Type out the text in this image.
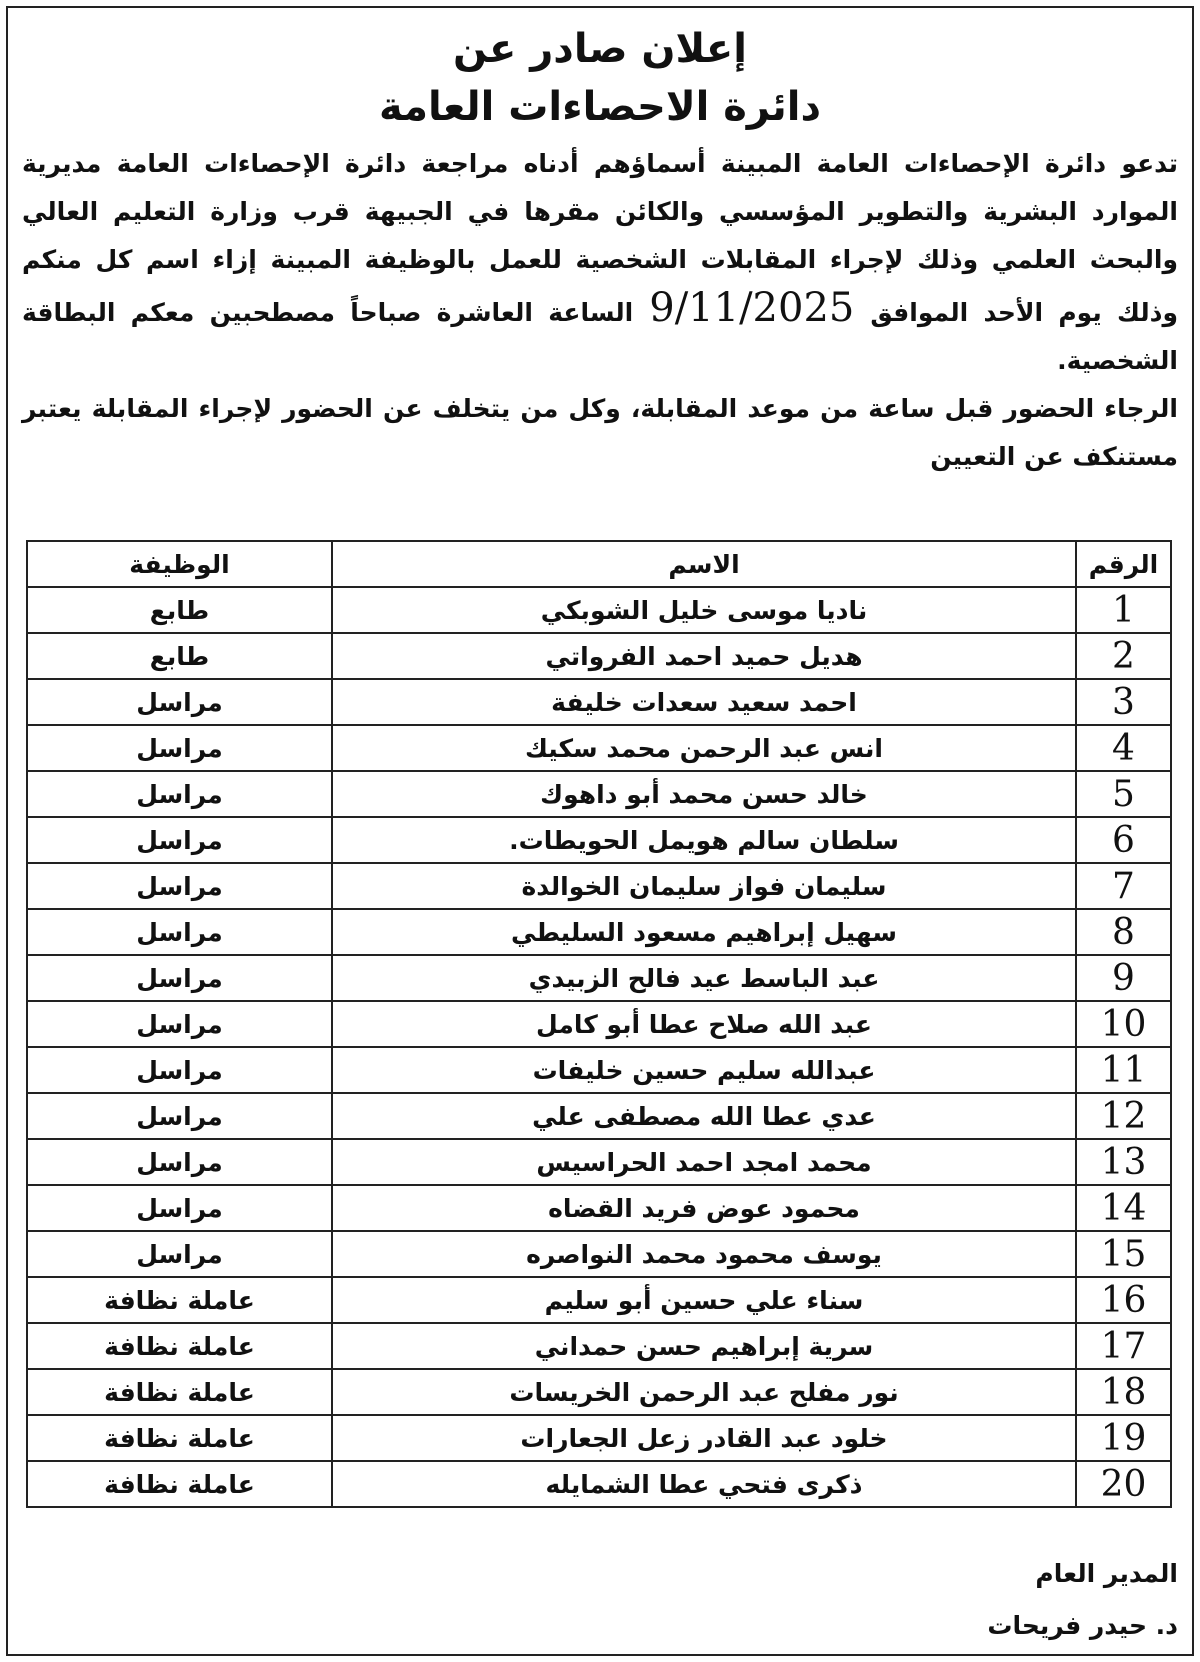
إعلان صادر عن
دائرة الاحصاءات العامة

تدعو دائرة الإحصاءات العامة المبينة أسماؤهم أدناه مراجعة دائرة الإحصاءات العامة مديرية الموارد البشرية والتطوير المؤسسي والكائن مقرها في الجبيهة قرب وزارة التعليم العالي والبحث العلمي وذلك لإجراء المقابلات الشخصية للعمل بالوظيفة المبينة إزاء اسم كل منكم وذلك يوم الأحد الموافق9/11/2025الساعة العاشرة صباحاً مصطحبين معكم البطاقة الشخصية.

الرجاء الحضور قبل ساعة من موعد المقابلة، وكل من يتخلف عن الحضور لإجراء المقابلة يعتبر مستنكف عن التعيين

الرقم	الاسم	الوظيفة
1	ناديا موسى خليل الشوبكي	طابع
2	هديل حميد احمد الفرواتي	طابع
3	احمد سعيد سعدات خليفة	مراسل
4	انس عبد الرحمن محمد سكيك	مراسل
5	خالد حسن محمد أبو داهوك	مراسل
6	سلطان سالم هويمل الحويطات.	مراسل
7	سليمان فواز سليمان الخوالدة	مراسل
8	سهيل إبراهيم مسعود السليطي	مراسل
9	عبد الباسط عيد فالح الزبيدي	مراسل
10	عبد الله صلاح عطا أبو كامل	مراسل
11	عبدالله سليم حسين خليفات	مراسل
12	عدي عطا الله مصطفى علي	مراسل
13	محمد امجد احمد الحراسيس	مراسل
14	محمود عوض فريد القضاه	مراسل
15	يوسف محمود محمد النواصره	مراسل
16	سناء علي حسين أبو سليم	عاملة نظافة
17	سرية إبراهيم حسن حمداني	عاملة نظافة
18	نور مفلح عبد الرحمن الخريسات	عاملة نظافة
19	خلود عبد القادر زعل الجعارات	عاملة نظافة
20	ذكرى فتحي عطا الشمايله	عاملة نظافة
المدير العام
د. حيدر فريحات
